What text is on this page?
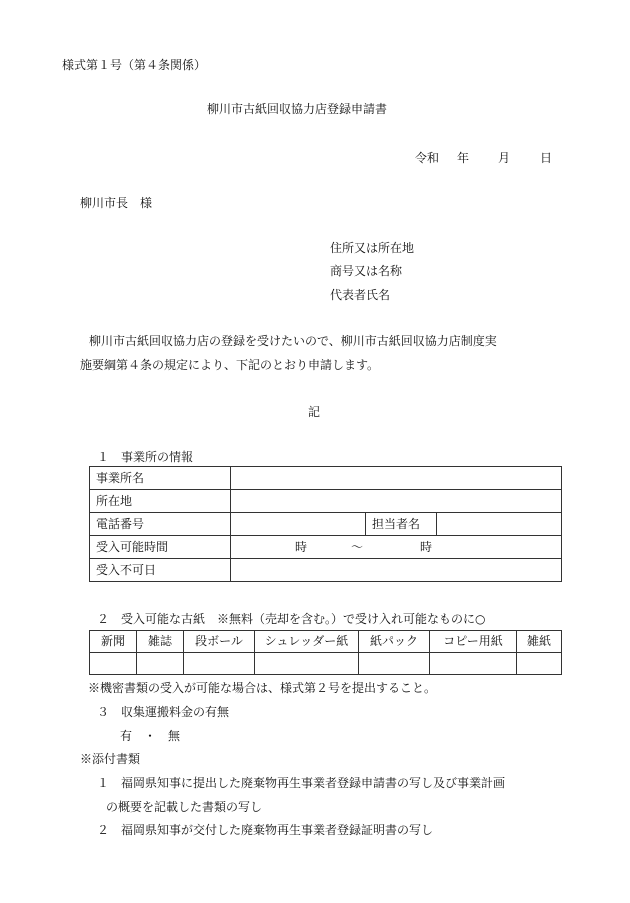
様式第１号（第４条関係）
柳川市古紙回収協力店登録申請書
令和 年 月 日
柳川市長　様
住所又は所在地
商号又は名称
代表者氏名
柳川市古紙回収協力店の登録を受けたいので、柳川市古紙回収協力店制度実
施要綱第４条の規定により、下記のとおり申請します。
記
１　事業所の情報
事業所名			
所在地			
電話番号		担当者名	
受入可能時間	時 〜 時		

受入不可日			
２　受入可能な古紙　※無料（売却を含む。）で受け入れ可能なものに○
新聞	雑誌	段ボール	シュレッダー紙	紙パック	コピー用紙	雑紙

※機密書類の受入が可能な場合は、様式第２号を提出すること。
３　収集運搬料金の有無
有　・　無
※添付書類
１　福岡県知事に提出した廃棄物再生事業者登録申請書の写し及び事業計画
の概要を記載した書類の写し
２　福岡県知事が交付した廃棄物再生事業者登録証明書の写し
